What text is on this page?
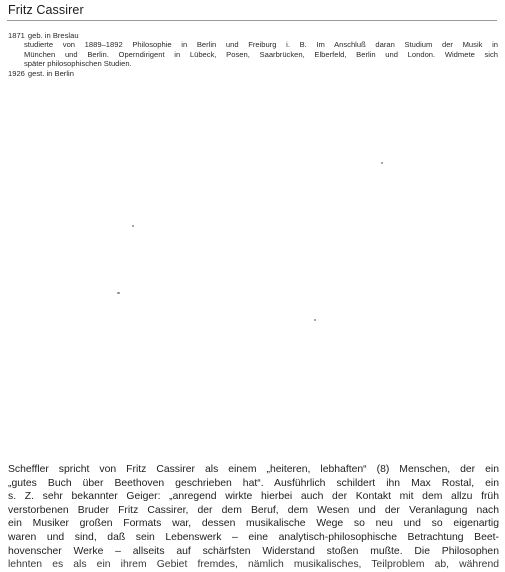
Fritz Cassirer
1871 geb. in Breslau
studierte von 1889–1892 Philosophie in Berlin und Freiburg i. B. Im Anschluß daran Studium der Musik in
München und Berlin. Operndirigent in Lübeck, Posen, Saarbrücken, Elberfeld, Berlin und London. Widmete sich
später philosophischen Studien.
1926 gest. in Berlin
Scheffler spricht von Fritz Cassirer als einem „heiteren, lebhaften“ (8) Menschen, der ein
„gutes Buch über Beethoven geschrieben hat“. Ausführlich schildert ihn Max Rostal, ein
s. Z. sehr bekannter Geiger: „anregend wirkte hierbei auch der Kontakt mit dem allzu früh
verstorbenen Bruder Fritz Cassirer, der dem Beruf, dem Wesen und der Veranlagung nach
ein Musiker großen Formats war, dessen musikalische Wege so neu und so eigenartig
waren und sind, daß sein Lebenswerk – eine analytisch-philosophische Betrachtung Beet-
hovenscher Werke – allseits auf schärfsten Widerstand stoßen mußte. Die Philosophen
lehnten es als ein ihrem Gebiet fremdes, nämlich musikalisches, Teilproblem ab, während
